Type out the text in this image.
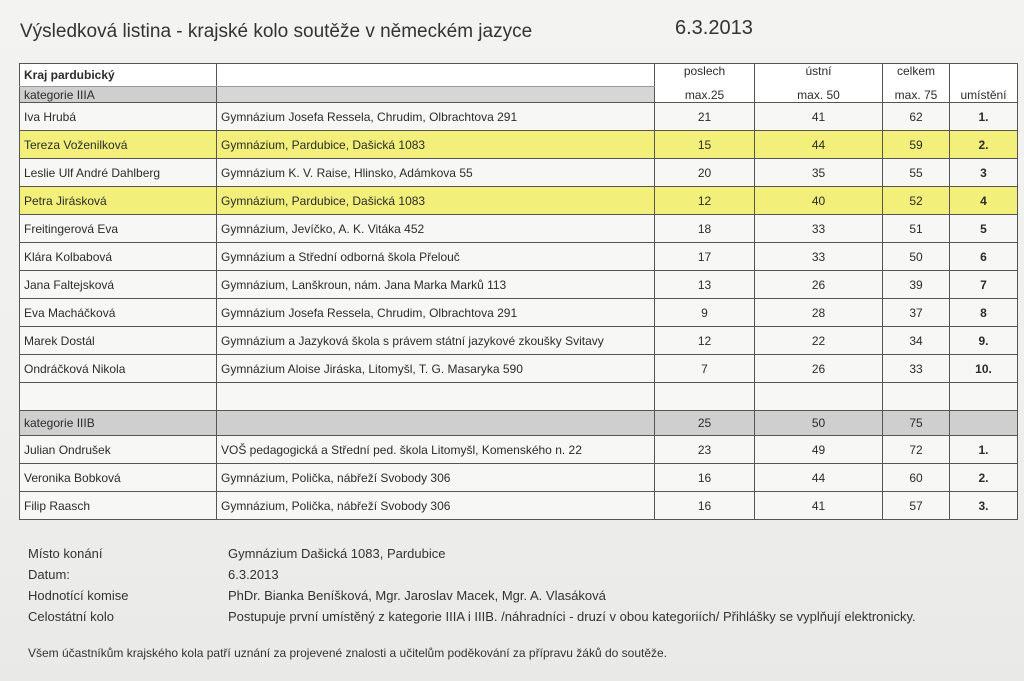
Výsledková listina - krajské kolo soutěže v německém jazyce	6.3.2013
Kraj pardubický		poslech	ústní	celkem	
kategorie IIIA		max.25	max. 50	max. 75	umístění
Iva Hrubá	Gymnázium Josefa Ressela, Chrudim, Olbrachtova 291	21	41	62	1.
Tereza Voženilková	Gymnázium, Pardubice, Dašická 1083	15	44	59	2.
Leslie Ulf André Dahlberg	Gymnázium K. V. Raise, Hlinsko, Adámkova 55	20	35	55	3
Petra Jirásková	Gymnázium, Pardubice, Dašická 1083	12	40	52	4
Freitingerová Eva	Gymnázium, Jevíčko, A. K. Vitáka 452	18	33	51	5
Klára Kolbabová	Gymnázium a Střední odborná škola Přelouč	17	33	50	6
Jana Faltejsková	Gymnázium, Lanškroun, nám. Jana Marka Marků 113	13	26	39	7
Eva Macháčková	Gymnázium Josefa Ressela, Chrudim, Olbrachtova 291	9	28	37	8
Marek Dostál	Gymnázium a Jazyková škola s právem státní jazykové zkoušky Svitavy	12	22	34	9.
Ondráčková Nikola	Gymnázium Aloise Jiráska, Litomyšl, T. G. Masaryka 590	7	26	33	10.

kategorie IIIB		25	50	75	
Julian Ondrušek	VOŠ pedagogická a Střední ped. škola Litomyšl, Komenského n. 22	23	49	72	1.
Veronika Bobková	Gymnázium, Polička, nábřeží Svobody 306	16	44	60	2.
Filip Raasch	Gymnázium, Polička, nábřeží Svobody 306	16	41	57	3.
Místo konání	Gymnázium Dašická 1083, Pardubice
Datum:	6.3.2013
Hodnotící komise	PhDr. Bianka Beníšková, Mgr. Jaroslav Macek, Mgr. A. Vlasáková
Celostátní kolo	Postupuje první umístěný z kategorie IIIA i IIIB. /náhradníci - druzí v obou kategoriích/ Přihlášky se vyplňují elektronicky.
Všem účastníkům krajského kola patří uznání za projevené znalosti a učitelům poděkování za přípravu žáků do soutěže.
